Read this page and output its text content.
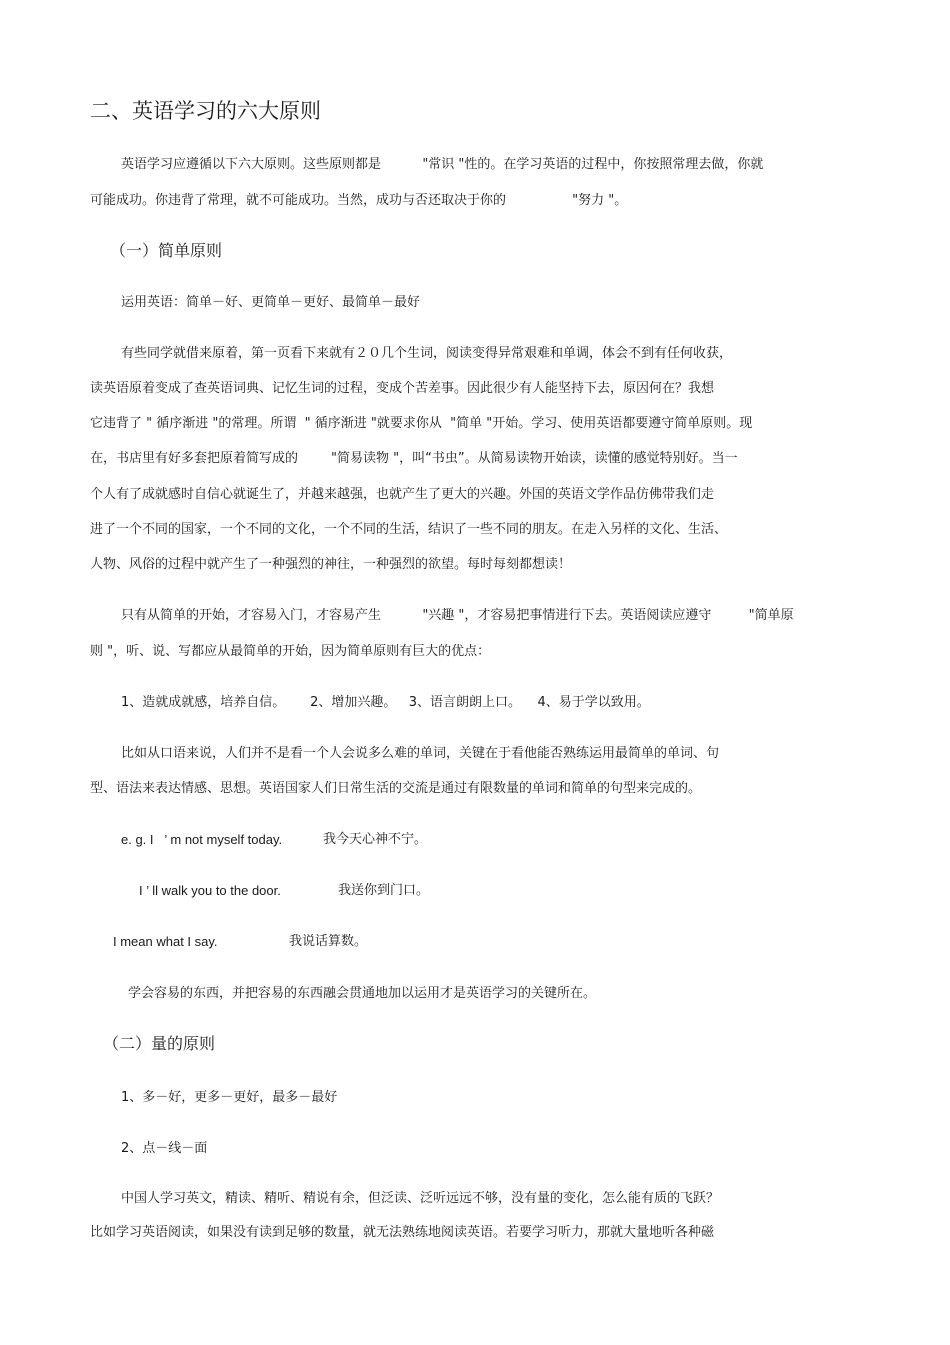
二、英语学习的六大原则
英语学习应遵循以下六大原则。这些原则都是          "常识 "性的。在学习英语的过程中，你按照常理去做，你就
可能成功。你违背了常理，就不可能成功。当然，成功与否还取决于你的                "努力 "。
（一）简单原则
运用英语：简单－好、更简单－更好、最简单－最好
有些同学就借来原着，第一页看下来就有２０几个生词，阅读变得异常艰难和单调，体会不到有任何收获，
读英语原着变成了查英语词典、记忆生词的过程，变成个苦差事。因此很少有人能坚持下去，原因何在？我想
它违背了 " 循序渐进 "的常理。所谓  " 循序渐进 "就要求你从  "简单 "开始。学习、使用英语都要遵守简单原则。现
在，书店里有好多套把原着简写成的        "简易读物 "，叫“书虫”。从简易读物开始读，读懂的感觉特别好。当一
个人有了成就感时自信心就诞生了，并越来越强，也就产生了更大的兴趣。外国的英语文学作品仿佛带我们走
进了一个不同的国家，一个不同的文化，一个不同的生活，结识了一些不同的朋友。在走入另样的文化、生活、
人物、风俗的过程中就产生了一种强烈的神往，一种强烈的欲望。每时每刻都想读！
只有从简单的开始，才容易入门，才容易产生          "兴趣 "，才容易把事情进行下去。英语阅读应遵守         "简单原
则 "，听、说、写都应从最简单的开始，因为简单原则有巨大的优点：
1、造就成就感，培养自信。      2、增加兴趣。   3、语言朗朗上口。    4、易于学以致用。
比如从口语来说，人们并不是看一个人会说多么难的单词，关键在于看他能否熟练运用最简单的单词、句
型、语法来表达情感、思想。英语国家人们日常生活的交流是通过有限数量的单词和简单的句型来完成的。
e. g. I   ’ m not myself today.	我今天心神不宁。
I ’ ll walk you to the door.	我送你到门口。
I mean what I say.	我说话算数。
学会容易的东西，并把容易的东西融会贯通地加以运用才是英语学习的关键所在。
（二）量的原则
1、多－好，更多－更好，最多－最好
2、点－线－面
中国人学习英文，精读、精听、精说有余，但泛读、泛听远远不够，没有量的变化，怎么能有质的飞跃？
比如学习英语阅读，如果没有读到足够的数量，就无法熟练地阅读英语。若要学习听力，那就大量地听各种磁
